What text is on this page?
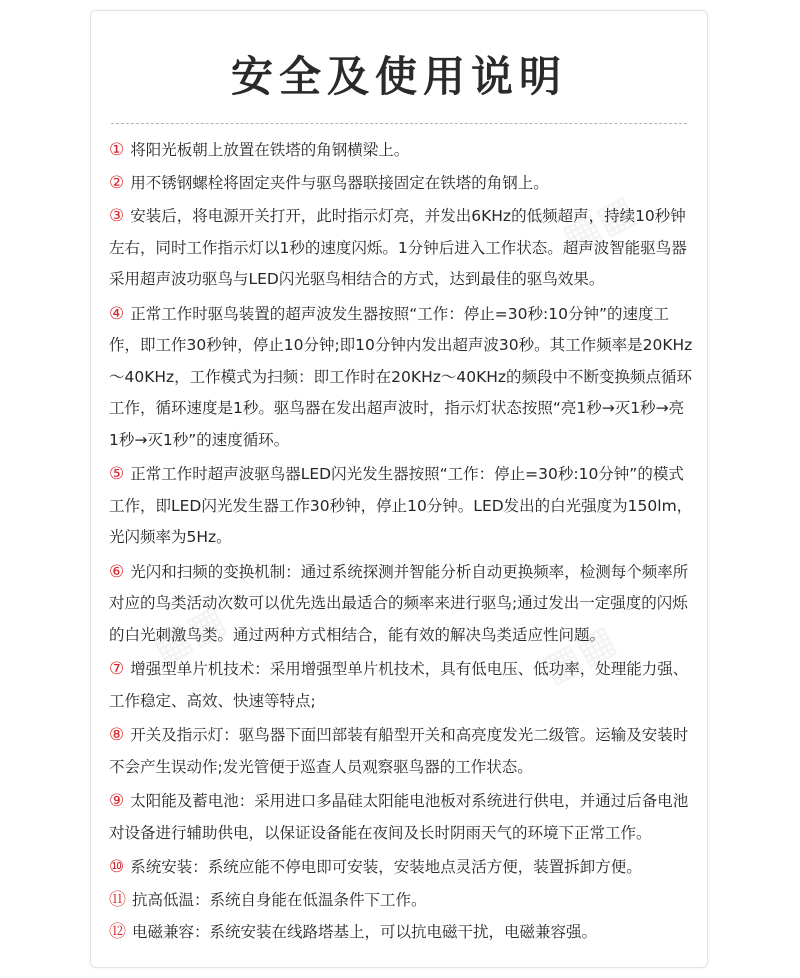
▦▦
▦▦	▦▦
安全及使用说明
① 将阳光板朝上放置在铁塔的角钢横梁上。
② 用不锈钢螺栓将固定夹件与驱鸟器联接固定在铁塔的角钢上。
③ 安装后，将电源开关打开，此时指示灯亮，并发出6KHz的低频超声，持续10秒钟左右，同时工作指示灯以1秒的速度闪烁。1分钟后进入工作状态。超声波智能驱鸟器采用超声波功驱鸟与LED闪光驱鸟相结合的方式，达到最佳的驱鸟效果。
④ 正常工作时驱鸟装置的超声波发生器按照“工作：停止=30秒:10分钟”的速度工作，即工作30秒钟，停止10分钟;即10分钟内发出超声波30秒。其工作频率是20KHz～40KHz，工作模式为扫频：即工作时在20KHz～40KHz的频段中不断变换频点循环工作，循环速度是1秒。驱鸟器在发出超声波时，指示灯状态按照“亮1秒→灭1秒→亮1秒→灭1秒”的速度循环。
⑤ 正常工作时超声波驱鸟器LED闪光发生器按照“工作：停止=30秒:10分钟”的模式工作，即LED闪光发生器工作30秒钟，停止10分钟。LED发出的白光强度为150lm，光闪频率为5Hz。
⑥ 光闪和扫频的变换机制：通过系统探测并智能分析自动更换频率，检测每个频率所对应的鸟类活动次数可以优先选出最适合的频率来进行驱鸟;通过发出一定强度的闪烁的白光刺激鸟类。通过两种方式相结合，能有效的解决鸟类适应性问题。
⑦ 增强型单片机技术：采用增强型单片机技术，具有低电压、低功率，处理能力强、工作稳定、高效、快速等特点;
⑧ 开关及指示灯：驱鸟器下面凹部装有船型开关和高亮度发光二级管。运输及安装时不会产生误动作;发光管便于巡查人员观察驱鸟器的工作状态。
⑨ 太阳能及蓄电池：采用进口多晶硅太阳能电池板对系统进行供电，并通过后备电池对设备进行辅助供电，以保证设备能在夜间及长时阴雨天气的环境下正常工作。
⑩ 系统安装：系统应能不停电即可安装，安装地点灵活方便，装置拆卸方便。
⑪ 抗高低温：系统自身能在低温条件下工作。
⑫ 电磁兼容：系统安装在线路塔基上，可以抗电磁干扰，电磁兼容强。
